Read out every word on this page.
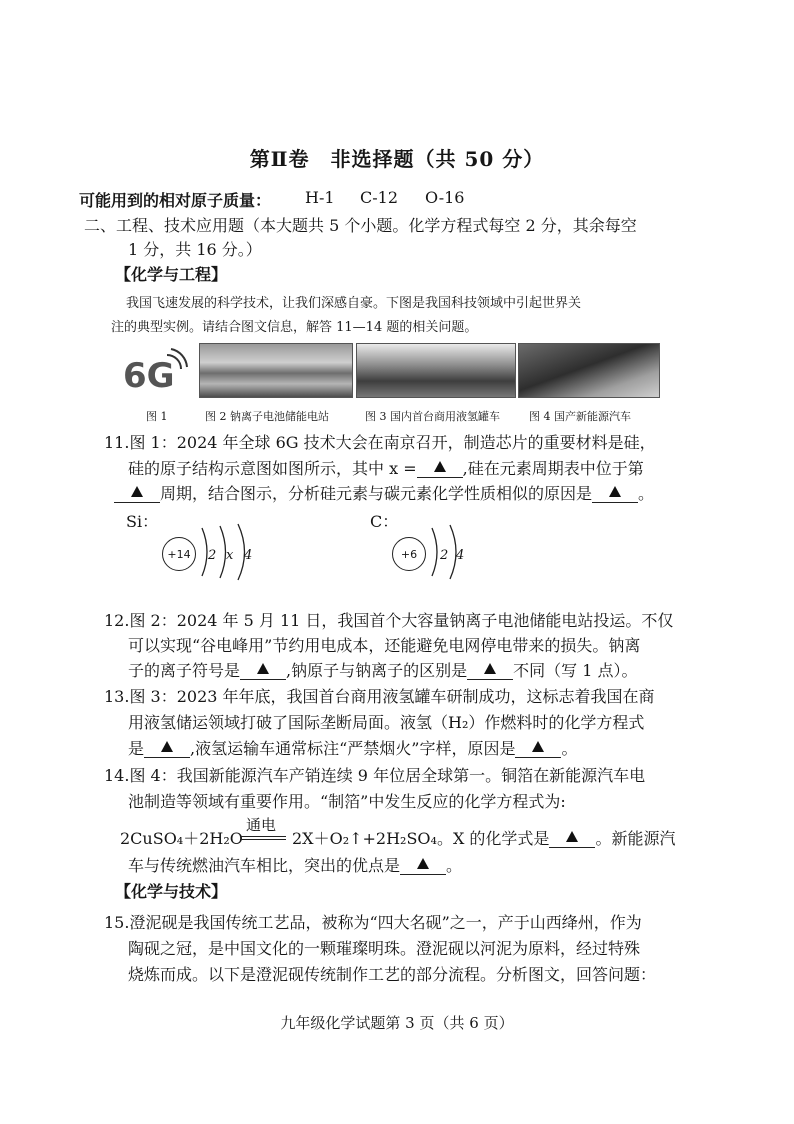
第Ⅱ卷　非选择题（共 50 分）
可能用到的相对原子质量： H-1 C-12 O-16
二、工程、技术应用题（本大题共 5 个小题。化学方程式每空 2 分，其余每空
1 分，共 16 分。）
【化学与工程】
我国飞速发展的科学技术，让我们深感自豪。下图是我国科技领域中引起世界关
注的典型实例。请结合图文信息，解答 11—14 题的相关问题。
6G
图 1	图 2 钠离子电池储能电站	图 3 国内首台商用液氢罐车	图 4 国产新能源汽车
11.图 1：2024 年全球 6G 技术大会在南京召开，制造芯片的重要材料是硅，
硅的原子结构示意图如图所示，其中 x =	,硅在元素周期表中位于第
周期，结合图示，分析硅元素与碳元素化学性质相似的原因是	。
Si：
+14	2 x 4
C：
+6	2 4
12.图 2：2024 年 5 月 11 日，我国首个大容量钠离子电池储能电站投运。不仅
可以实现“谷电峰用”节约用电成本，还能避免电网停电带来的损失。钠离
子的离子符号是	,钠原子与钠离子的区别是	不同（写 1 点）。
13.图 3：2023 年年底，我国首台商用液氢罐车研制成功，这标志着我国在商
用液氢储运领域打破了国际垄断局面。液氢（H₂）作燃料时的化学方程式
是	,液氢运输车通常标注“严禁烟火”字样，原因是	。
14.图 4：我国新能源汽车产销连续 9 年位居全球第一。铜箔在新能源汽车电
池制造等领域有重要作用。“制箔”中发生反应的化学方程式为:
2CuSO₄＋2H₂O
通电
2X＋O₂↑+2H₂SO₄。X 的化学式是	。新能源汽
车与传统燃油汽车相比，突出的优点是	。
【化学与技术】
15.澄泥砚是我国传统工艺品，被称为“四大名砚”之一，产于山西绛州，作为
陶砚之冠，是中国文化的一颗璀璨明珠。澄泥砚以河泥为原料，经过特殊
烧炼而成。以下是澄泥砚传统制作工艺的部分流程。分析图文，回答问题：
九年级化学试题第 3 页（共 6 页）
